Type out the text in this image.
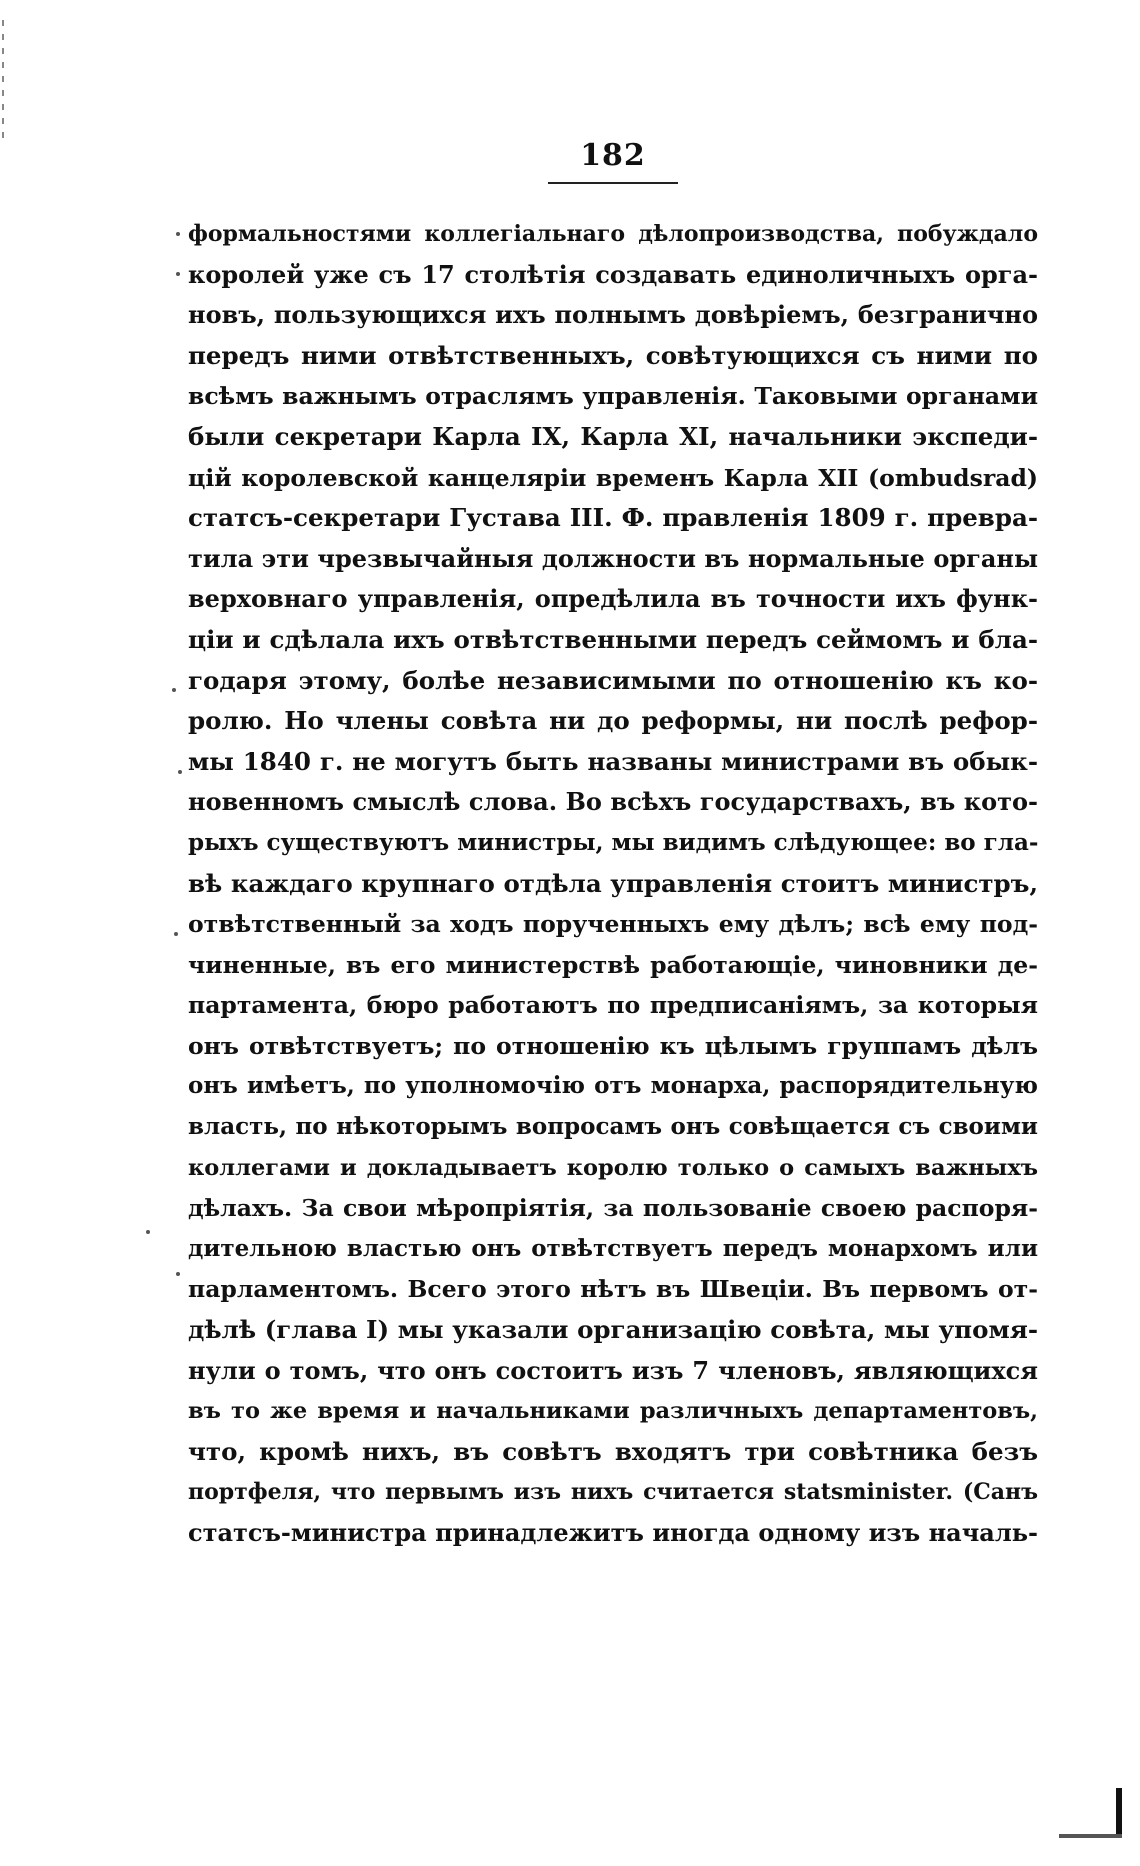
182
формальностями коллегіальнаго дѣлопроизводства, побуждало
королей уже съ 17 столѣтія создавать единоличныхъ орга-
новъ, пользующихся ихъ полнымъ довѣріемъ, безгранично
передъ ними отвѣтственныхъ, совѣтующихся съ ними по
всѣмъ важнымъ отраслямъ управленія. Таковыми органами
были секретари Карла IX, Карла XI, начальники экспеди-
цій королевской канцеляріи временъ Карла XII (ombudsrad)
статсъ-секретари Густава III. Ф. правленія 1809 г. превра-
тила эти чрезвычайныя должности въ нормальные органы
верховнаго управленія, опредѣлила въ точности ихъ функ-
ціи и сдѣлала ихъ отвѣтственными передъ сеймомъ и бла-
годаря этому, болѣе независимыми по отношенію къ ко-
ролю. Но члены совѣта ни до реформы, ни послѣ рефор-
мы 1840 г. не могутъ быть названы министрами въ обык-
новенномъ смыслѣ слова. Во всѣхъ государствахъ, въ кото-
рыхъ существуютъ министры, мы видимъ слѣдующее: во гла-
вѣ каждаго крупнаго отдѣла управленія стоитъ министръ,
отвѣтственный за ходъ порученныхъ ему дѣлъ; всѣ ему под-
чиненные, въ его министерствѣ работающіе, чиновники де-
партамента, бюро работаютъ по предписаніямъ, за которыя
онъ отвѣтствуетъ; по отношенію къ цѣлымъ группамъ дѣлъ
онъ имѣетъ, по уполномочію отъ монарха, распорядительную
власть, по нѣкоторымъ вопросамъ онъ совѣщается съ своими
коллегами и докладываетъ королю только о самыхъ важныхъ
дѣлахъ. За свои мѣропріятія, за пользованіе своею распоря-
дительною властью онъ отвѣтствуетъ передъ монархомъ или
парламентомъ. Всего этого нѣтъ въ Швеціи. Въ первомъ от-
дѣлѣ (глава I) мы указали организацію совѣта, мы упомя-
нули о томъ, что онъ состоитъ изъ 7 членовъ, являющихся
въ то же время и начальниками различныхъ департаментовъ,
что, кромѣ нихъ, въ совѣтъ входятъ три совѣтника безъ
портфеля, что первымъ изъ нихъ считается statsminister. (Санъ
статсъ-министра принадлежитъ иногда одному изъ началь-
